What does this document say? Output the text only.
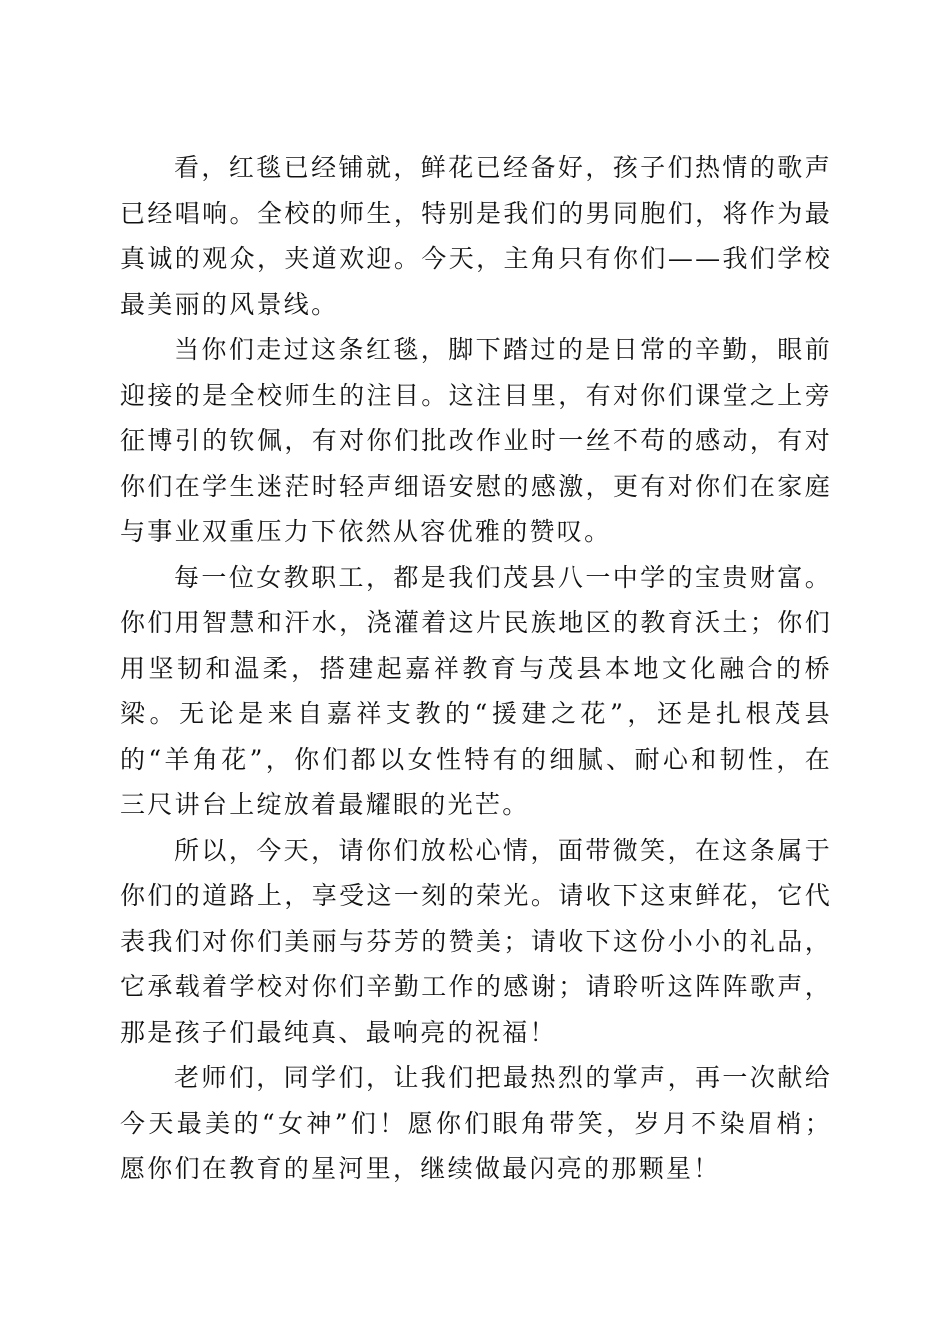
看，红毯已经铺就，鲜花已经备好，孩子们热情的歌声已经唱响。全校的师生，特别是我们的男同胞们，将作为最真诚的观众，夹道欢迎。今天，主角只有你们——我们学校最美丽的风景线。

当你们走过这条红毯，脚下踏过的是日常的辛勤，眼前迎接的是全校师生的注目。这注目里，有对你们课堂之上旁征博引的钦佩，有对你们批改作业时一丝不苟的感动，有对你们在学生迷茫时轻声细语安慰的感激，更有对你们在家庭与事业双重压力下依然从容优雅的赞叹。

每一位女教职工，都是我们茂县八一中学的宝贵财富。你们用智慧和汗水，浇灌着这片民族地区的教育沃土；你们用坚韧和温柔，搭建起嘉祥教育与茂县本地文化融合的桥梁。无论是来自嘉祥支教的“援建之花”，还是扎根茂县的“羊角花”，你们都以女性特有的细腻、耐心和韧性，在三尺讲台上绽放着最耀眼的光芒。

所以，今天，请你们放松心情，面带微笑，在这条属于你们的道路上，享受这一刻的荣光。请收下这束鲜花，它代表我们对你们美丽与芬芳的赞美；请收下这份小小的礼品，它承载着学校对你们辛勤工作的感谢；请聆听这阵阵歌声，那是孩子们最纯真、最响亮的祝福！

老师们，同学们，让我们把最热烈的掌声，再一次献给今天最美的“女神”们！愿你们眼角带笑，岁月不染眉梢；愿你们在教育的星河里，继续做最闪亮的那颗星！
